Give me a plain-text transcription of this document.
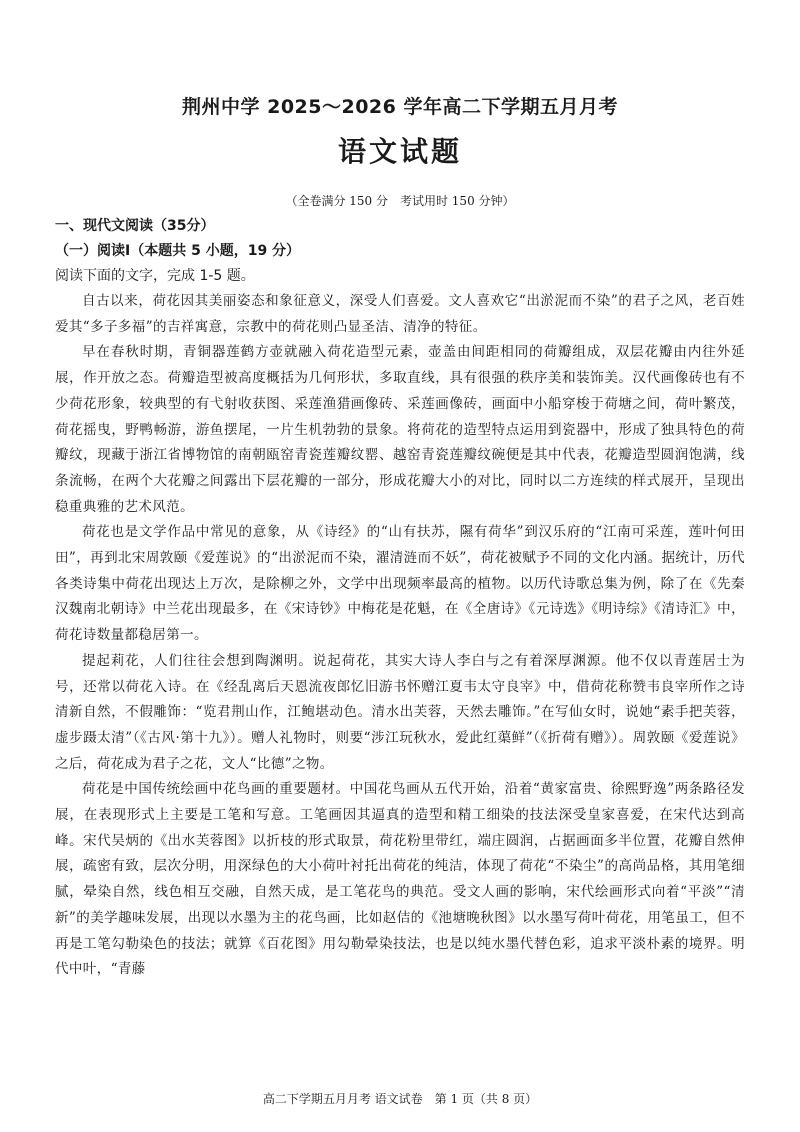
荆州中学 2025～2026 学年高二下学期五月月考
语文试题
（全卷满分 150 分　考试用时 150 分钟）
一、现代文阅读（35分）
（一）阅读Ⅰ（本题共 5 小题，19 分）
阅读下面的文字，完成 1-5 题。

自古以来，荷花因其美丽姿态和象征意义，深受人们喜爱。文人喜欢它“出淤泥而不染”的君子之风，老百姓爱其“多子多福”的吉祥寓意，宗教中的荷花则凸显圣洁、清净的特征。

早在春秋时期，青铜器莲鹤方壶就融入荷花造型元素，壶盖由间距相同的荷瓣组成，双层花瓣由内往外延展，作开放之态。荷瓣造型被高度概括为几何形状，多取直线，具有很强的秩序美和装饰美。汉代画像砖也有不少荷花形象，较典型的有弋射收获图、采莲渔猎画像砖、采莲画像砖，画面中小船穿梭于荷塘之间，荷叶繁茂，荷花摇曳，野鸭畅游，游鱼摆尾，一片生机勃勃的景象。将荷花的造型特点运用到瓷器中，形成了独具特色的荷瓣纹，现藏于浙江省博物馆的南朝瓯窑青瓷莲瓣纹罂、越窑青瓷莲瓣纹碗便是其中代表，花瓣造型圆润饱满，线条流畅，在两个大花瓣之间露出下层花瓣的一部分，形成花瓣大小的对比，同时以二方连续的样式展开，呈现出稳重典雅的艺术风范。

荷花也是文学作品中常见的意象，从《诗经》的“山有扶苏，隰有荷华”到汉乐府的“江南可采莲，莲叶何田田”，再到北宋周敦颐《爱莲说》的“出淤泥而不染，濯清涟而不妖”，荷花被赋予不同的文化内涵。据统计，历代各类诗集中荷花出现达上万次，是除柳之外，文学中出现频率最高的植物。以历代诗歌总集为例，除了在《先秦汉魏南北朝诗》中兰花出现最多，在《宋诗钞》中梅花是花魁，在《全唐诗》《元诗选》《明诗综》《清诗汇》中，荷花诗数量都稳居第一。

提起莉花，人们往往会想到陶渊明。说起荷花，其实大诗人李白与之有着深厚渊源。他不仅以青莲居士为号，还常以荷花入诗。在《经乱离后天恩流夜郎忆旧游书怀赠江夏韦太守良宰》中，借荷花称赞韦良宰所作之诗清新自然，不假雕饰：“览君荆山作，江鲍堪动色。清水出芙蓉，天然去雕饰。”在写仙女时，说她“素手把芙蓉，虚步蹑太清”（《古风·第十九》）。赠人礼物时，则要“涉江玩秋水，爱此红蕖鲜”（《折荷有赠》）。周敦颐《爱莲说》之后，荷花成为君子之花，文人“比德”之物。

荷花是中国传统绘画中花鸟画的重要题材。中国花鸟画从五代开始，沿着“黄家富贵、徐熙野逸”两条路径发展，在表现形式上主要是工笔和写意。工笔画因其逼真的造型和精工细染的技法深受皇家喜爱，在宋代达到高峰。宋代吴炳的《出水芙蓉图》以折枝的形式取景，荷花粉里带红，端庄圆润，占据画面多半位置，花瓣自然伸展，疏密有致，层次分明，用深绿色的大小荷叶衬托出荷花的纯洁，体现了荷花“不染尘”的高尚品格，其用笔细腻，晕染自然，线色相互交融，自然天成，是工笔花鸟的典范。受文人画的影响，宋代绘画形式向着“平淡”“清新”的美学趣味发展，出现以水墨为主的花鸟画，比如赵佶的《池塘晚秋图》以水墨写荷叶荷花，用笔虽工，但不再是工笔勾勒染色的技法；就算《百花图》用勾勒晕染技法，也是以纯水墨代替色彩，追求平淡朴素的境界。明代中叶，“青藤

高二下学期五月月考 语文试卷　第 1 页（共 8 页）
